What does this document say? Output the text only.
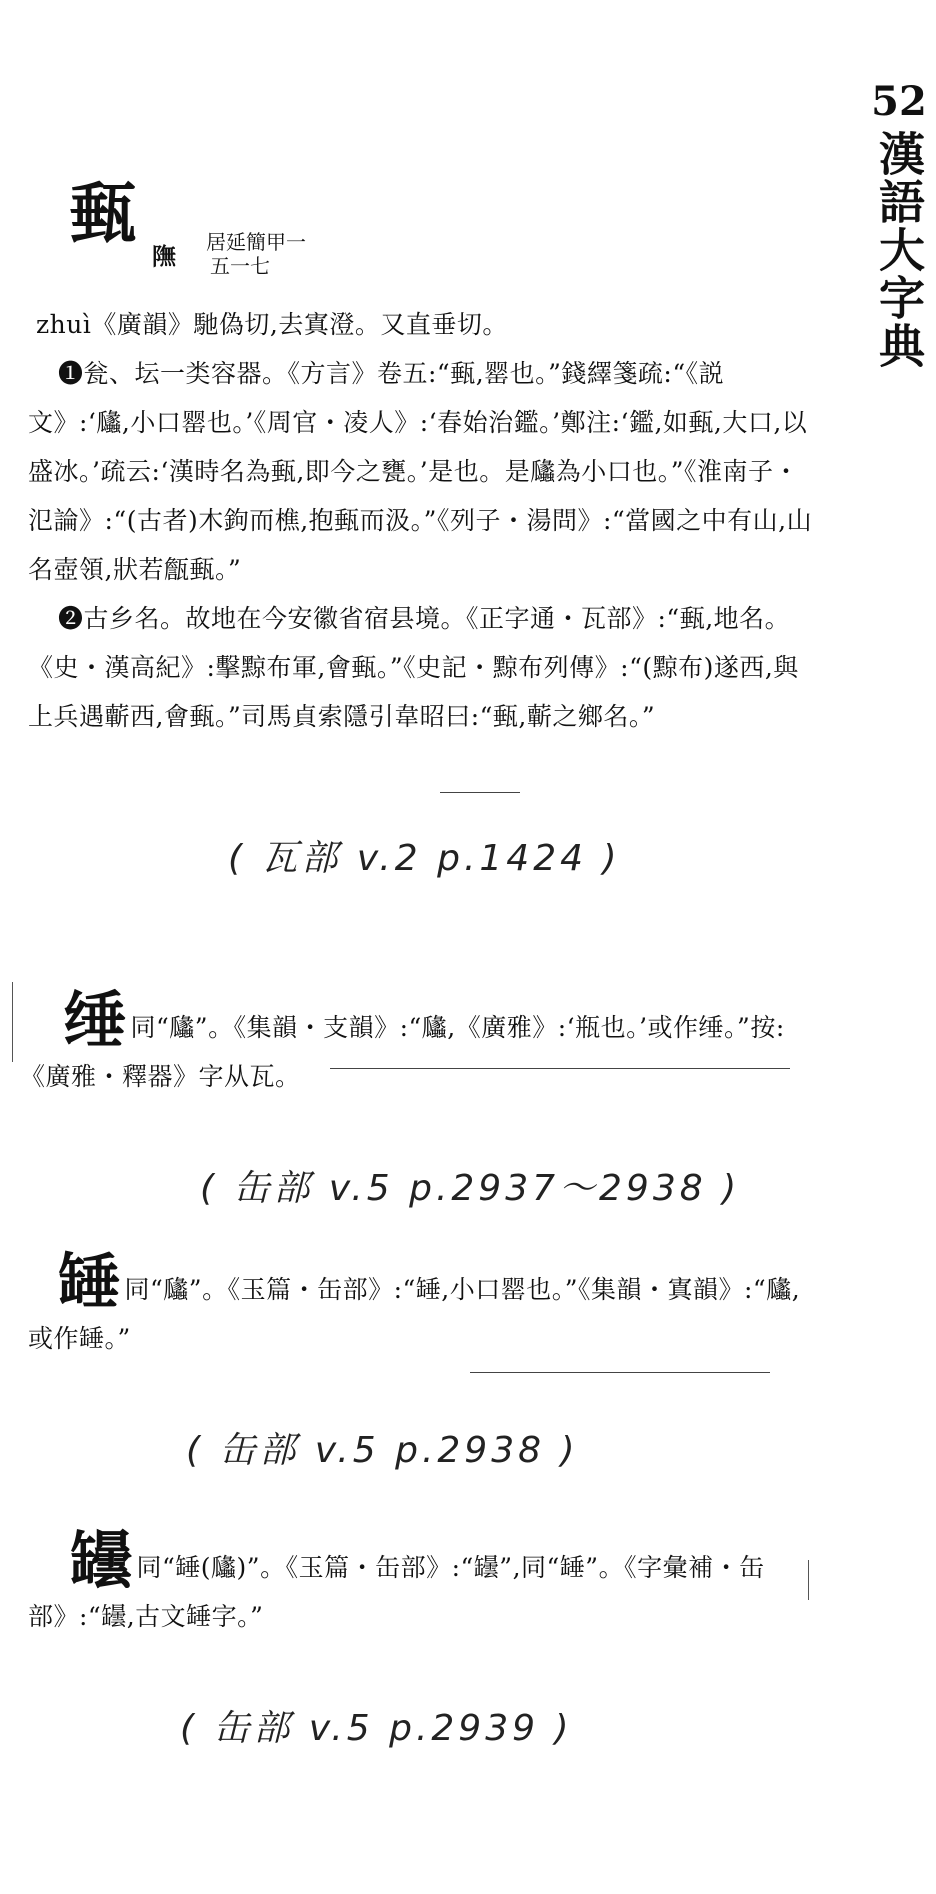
52
漢語大字典
甀
𨼊
居延簡甲一
五一七

zhuì《廣韻》馳偽切,去寘澄。又直垂切。

❶瓮、坛一类容器。《方言》卷五:“甀,罂也。”錢繹箋疏:“《説文》:‘㼖,小口罂也。’《周官・凌人》:‘春始治鑑。’鄭注:‘鑑,如甀,大口,以盛冰。’疏云:‘漢時名為甀,即今之甕。’是也。是㼖為小口也。”《淮南子・氾論》:“(古者)木鉤而樵,抱甀而汲。”《列子・湯問》:“當國之中有山,山名壺領,狀若甔甀。”

❷古乡名。故地在今安徽省宿县境。《正字通・瓦部》:“甀,地名。《史・漢高紀》:擊黥布軍,會甀。”《史記・黥布列傳》:“(黥布)遂西,與上兵遇蘄西,會甀。”司馬貞索隱引韋昭曰:“甀,蘄之鄉名。”

( 瓦部 v.2 p.1424 )

缍同“㼖”。《集韻・支韻》:“㼖,《廣雅》:‘瓶也。’或作缍。”按:《廣雅・釋器》字从瓦。

( 缶部 v.5 p.2937～2938 )

䍋同“㼖”。《玉篇・缶部》:“䍋,小口罂也。”《集韻・寘韻》:“㼖,或作䍋。”

( 缶部 v.5 p.2938 )

罎同“䍋(㼖)”。《玉篇・缶部》:“罎”,同“䍋”。《字彙補・缶部》:“罎,古文䍋字。”

( 缶部 v.5 p.2939 )
